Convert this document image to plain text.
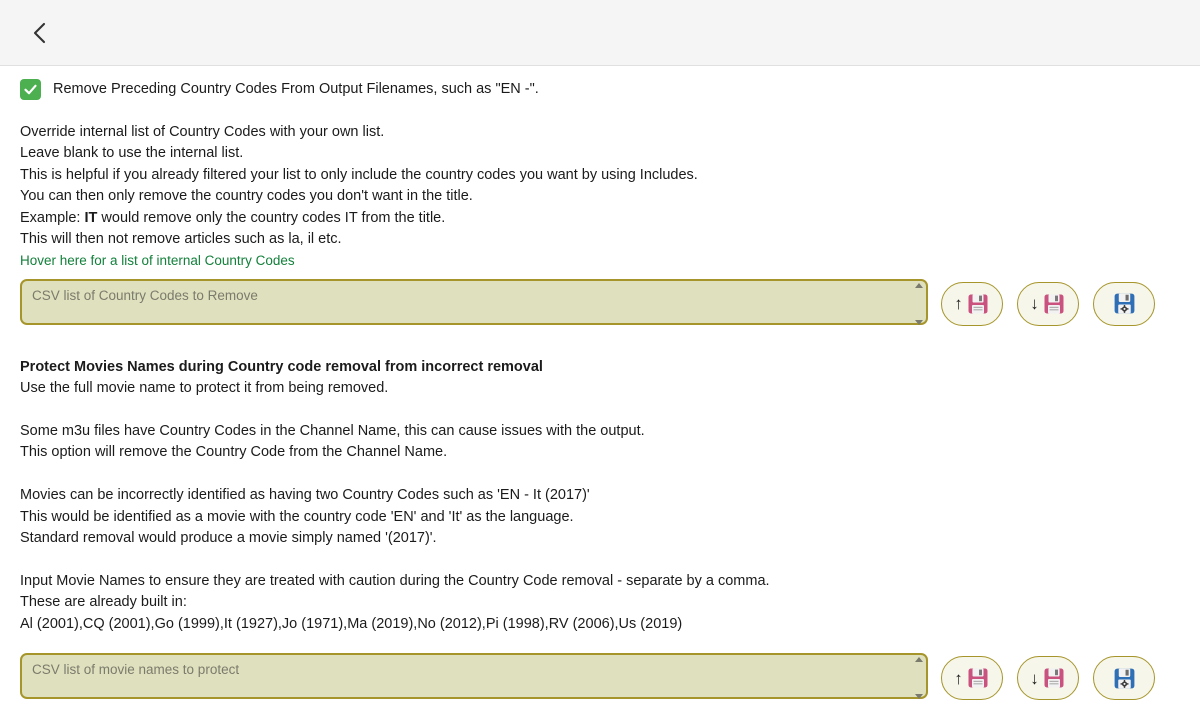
Remove Preceding Country Codes From Output Filenames, such as "EN -".
Override internal list of Country Codes with your own list.
Leave blank to use the internal list.
This is helpful if you already filtered your list to only include the country codes you want by using Includes.
You can then only remove the country codes you don't want in the title.
Example: IT would remove only the country codes IT from the title.
This will then not remove articles such as la, il etc.
Hover here for a list of internal Country Codes
CSV list of Country Codes to Remove
↑	↓
Protect Movies Names during Country code removal from incorrect removal
Use the full movie name to protect it from being removed.
Some m3u files have Country Codes in the Channel Name, this can cause issues with the output.
This option will remove the Country Code from the Channel Name.
Movies can be incorrectly identified as having two Country Codes such as 'EN - It (2017)'
This would be identified as a movie with the country code 'EN' and 'It' as the language.
Standard removal would produce a movie simply named '(2017)'.
Input Movie Names to ensure they are treated with caution during the Country Code removal - separate by a comma.
These are already built in:
Al (2001),CQ (2001),Go (1999),It (1927),Jo (1971),Ma (2019),No (2012),Pi (1998),RV (2006),Us (2019)
CSV list of movie names to protect
↑	↓
